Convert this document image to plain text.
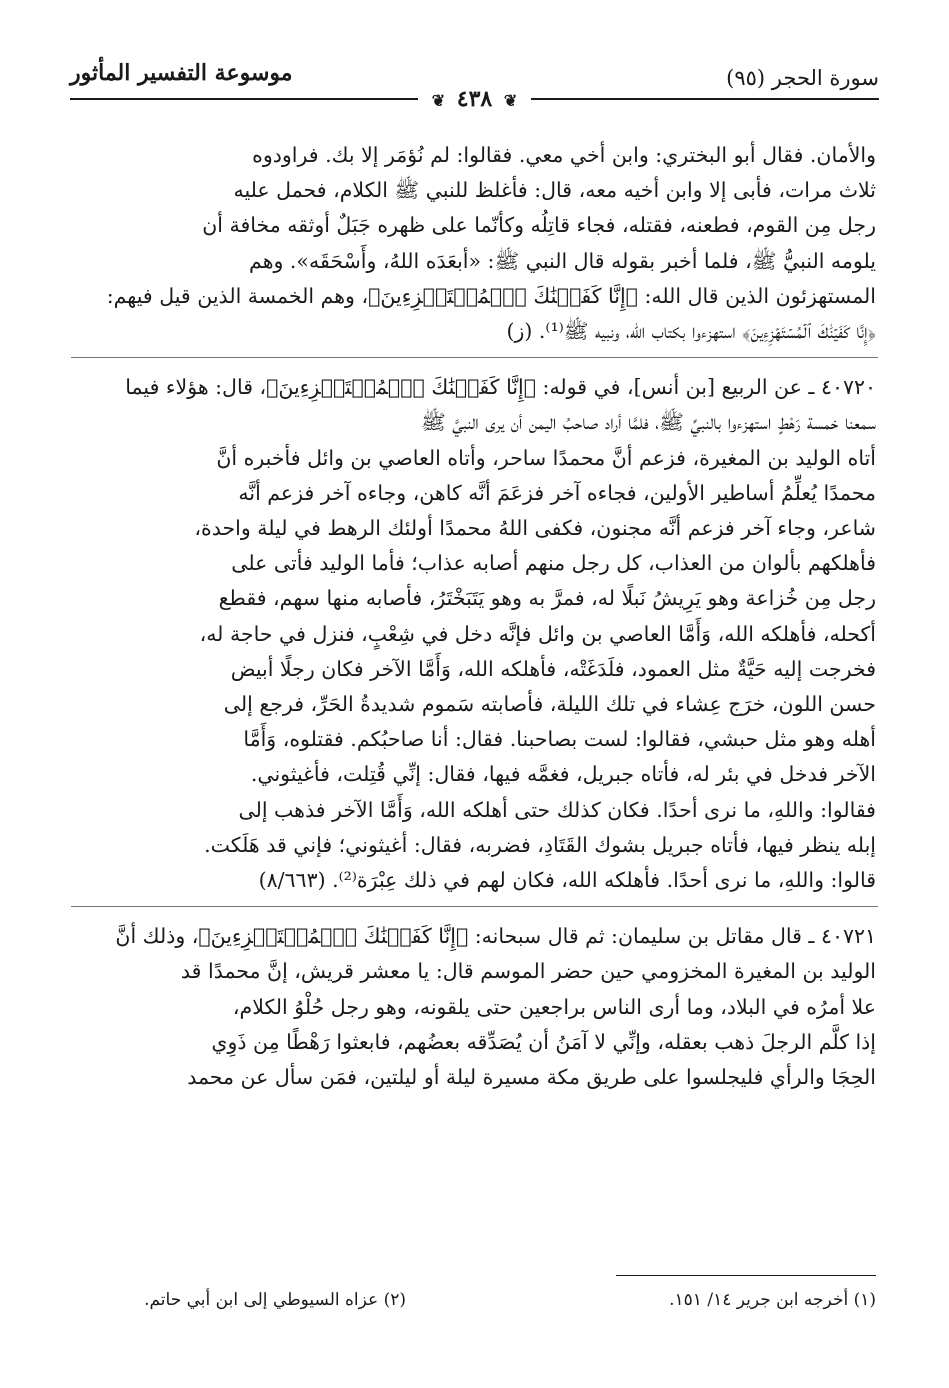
سورة الحجر (٩٥)
موسوعة التفسير المأثور
❦ ٤٣٨ ❦

والأمان. فقال أبو البختري: وابن أخي معي. فقالوا: لم نُؤمَر إلا بك. فراودوه

ثلاث مرات، فأبى إلا وابن أخيه معه، قال: فأغلظ للنبي ﷺ الكلام، فحمل عليه

رجل مِن القوم، فطعنه، فقتله، فجاء قاتِلُه وكأنّما على ظهره جَبَلٌ أوثقه مخافة أن

يلومه النبيُّ ﷺ، فلما أخبر بقوله قال النبي ﷺ: «أبعَدَه اللهُ، وأَسْحَقَه». وهم

المستهزئون الذين قال الله: ﴿إِنَّا كَفَيۡنَٰكَ ٱلۡمُسۡتَهۡزِءِينَ﴾، وهم الخمسة الذين قيل فيهم:

﴿إِنَّا كَفَيۡنَٰكَ ٱلۡمُسۡتَهۡزِءِينَ﴾ استهزءوا بكتاب الله، ونبيه ﷺ⁽¹⁾. (ز)

٤٠٧٢٠ ـ عن الربيع [بن أنس]، في قوله: ﴿إِنَّا كَفَيۡنَٰكَ ٱلۡمُسۡتَهۡزِءِينَ﴾، قال: هؤلاء فيما

سمعنا خمسة رَهْطٍ استهزءوا بالنبيِّ ﷺ، فلمَّا أراد صاحبُ اليمن أن يرى النبيَّ ﷺ

أتاه الوليد بن المغيرة، فزعم أنَّ محمدًا ساحر، وأتاه العاصي بن وائل فأخبره أنَّ

محمدًا يُعلِّمُ أساطير الأولين، فجاءه آخر فزعَمَ أنَّه كاهن، وجاءه آخر فزعم أنَّه

شاعر، وجاء آخر فزعم أنَّه مجنون، فكفى اللهُ محمدًا أولئك الرهط في ليلة واحدة،

فأهلكهم بألوان من العذاب، كل رجل منهم أصابه عذاب؛ فأما الوليد فأتى على

رجل مِن خُزاعة وهو يَرِيشُ نَبلًا له، فمرَّ به وهو يَتَبَخْتَرُ، فأصابه منها سهم، فقطع

أكحله، فأهلكه الله، وَأَمَّا العاصي بن وائل فإنَّه دخل في شِعْبٍ، فنزل في حاجة له،

فخرجت إليه حَيَّةٌ مثل العمود، فلَدَغَتْه، فأهلكه الله، وَأَمَّا الآخر فكان رجلًا أبيض

حسن اللون، خرَج عِشاء في تلك الليلة، فأصابته سَموم شديدةُ الحَرِّ، فرجع إلى

أهله وهو مثل حبشي، فقالوا: لست بصاحبنا. فقال: أنا صاحبُكم. فقتلوه، وَأَمَّا

الآخر فدخل في بئر له، فأتاه جبريل، فغمَّه فيها، فقال: إنِّي قُتِلت، فأغيثوني.

فقالوا: واللهِ، ما نرى أحدًا. فكان كذلك حتى أهلكه الله، وَأَمَّا الآخر فذهب إلى

إبله ينظر فيها، فأتاه جبريل بشوك القَتَادِ، فضربه، فقال: أغيثوني؛ فإني قد هَلَكت.

قالوا: واللهِ، ما نرى أحدًا. فأهلكه الله، فكان لهم في ذلك عِبْرَة⁽²⁾. (٨/٦٦٣)

٤٠٧٢١ ـ قال مقاتل بن سليمان: ثم قال سبحانه: ﴿إِنَّا كَفَيۡنَٰكَ ٱلۡمُسۡتَهۡزِءِينَ﴾، وذلك أنَّ

الوليد بن المغيرة المخزومي حين حضر الموسم قال: يا معشر قريش، إنَّ محمدًا قد

علا أمرُه في البلاد، وما أرى الناس براجعين حتى يلقونه، وهو رجل حُلْوُ الكلام،

إذا كلَّم الرجلَ ذهب بعقله، وإنِّي لا آمَنُ أن يُصَدِّقه بعضُهم، فابعثوا رَهْطًا مِن ذَوِي

الحِجَا والرأي فليجلسوا على طريق مكة مسيرة ليلة أو ليلتين، فمَن سأل عن محمد

(١) أخرجه ابن جرير ١٤/ ١٥١.
(٢) عزاه السيوطي إلى ابن أبي حاتم.
